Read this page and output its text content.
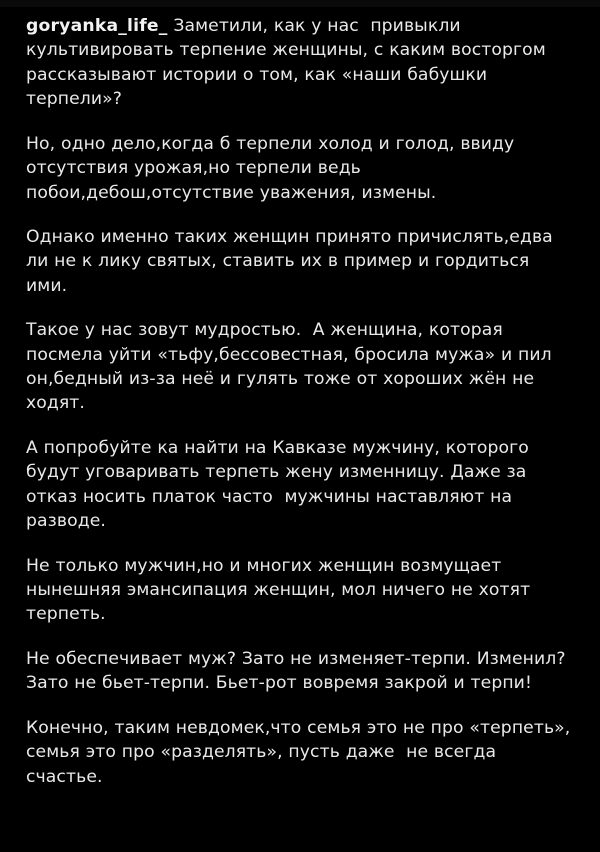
goryanka_life_ Заметили, как у нас  привыкли культивировать терпение женщины, с каким восторгом рассказывают истории о том, как «наши бабушки терпели»?

Но, одно дело,когда б терпели холод и голод, ввиду отсутствия урожая,но терпели ведь побои,дебош,отсутствие уважения, измены.

Однако именно таких женщин принято причислять,едва ли не к лику святых, ставить их в пример и гордиться ими.

Такое у нас зовут мудростью.  А женщина, которая посмела уйти «тьфу,бессовестная, бросила мужа» и пил он,бедный из-за неё и гулять тоже от хороших жён не ходят.

А попробуйте ка найти на Кавказе мужчину, которого будут уговаривать терпеть жену изменницу. Даже за отказ носить платок часто  мужчины наставляют на разводе.

Не только мужчин,но и многих женщин возмущает нынешняя эмансипация женщин, мол ничего не хотят терпеть.

Не обеспечивает муж? Зато не изменяет-терпи. Изменил? Зато не бьет-терпи. Бьет-рот вовремя закрой и терпи!

Конечно, таким невдомек,что семья это не про «терпеть», семья это про «разделять», пусть даже  не всегда счастье.
